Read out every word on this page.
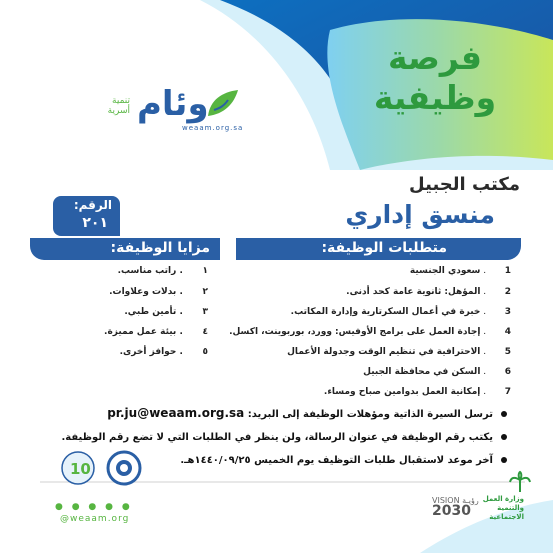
تنمية
أسرية وئام
weaam.org.sa
فرصة
وظيفية
مكتب الجبيل
منسق إداري
الرقم:
٢٠١
مزايا الوظيفة:	متطلبات الوظيفة:
1 . سعودي الجنسية
2 . المؤهل: ثانوية عامة كحد أدنى.
3 . خبرة في أعمال السكرتارية وإدارة المكاتب.
4 . إجادة العمل على برامج الأوفيس: وورد، بوربوينت، اكسل.
5 . الاحترافية في تنظيم الوقت وجدولة الأعمال
6 . السكن في محافظة الجبيل
7 . إمكانية العمل بدوامين صباح ومساء.
١ . راتب مناسب.
٢ . بدلات وعلاوات.
٣ . تأمين طبي.
٤ . بيئة عمل مميزة.
٥ . حوافز أخرى.
ترسل السيرة الذاتية ومؤهلات الوظيفة إلى البريد: pr.ju@weaam.org.sa
يكتب رقم الوظيفة في عنوان الرسالة، ولن ينظر في الطلبات التي لا تضع رقم الوظيفة.
آخر موعد لاستقبال طلبات التوظيف يوم الخميس ١٤٤٠/٠٩/٢٥هـ.
10
● ● ● ● ●
@weaam.org
VISION رؤيـة
2030
وزارة العمل والتنمية الاجتماعية
